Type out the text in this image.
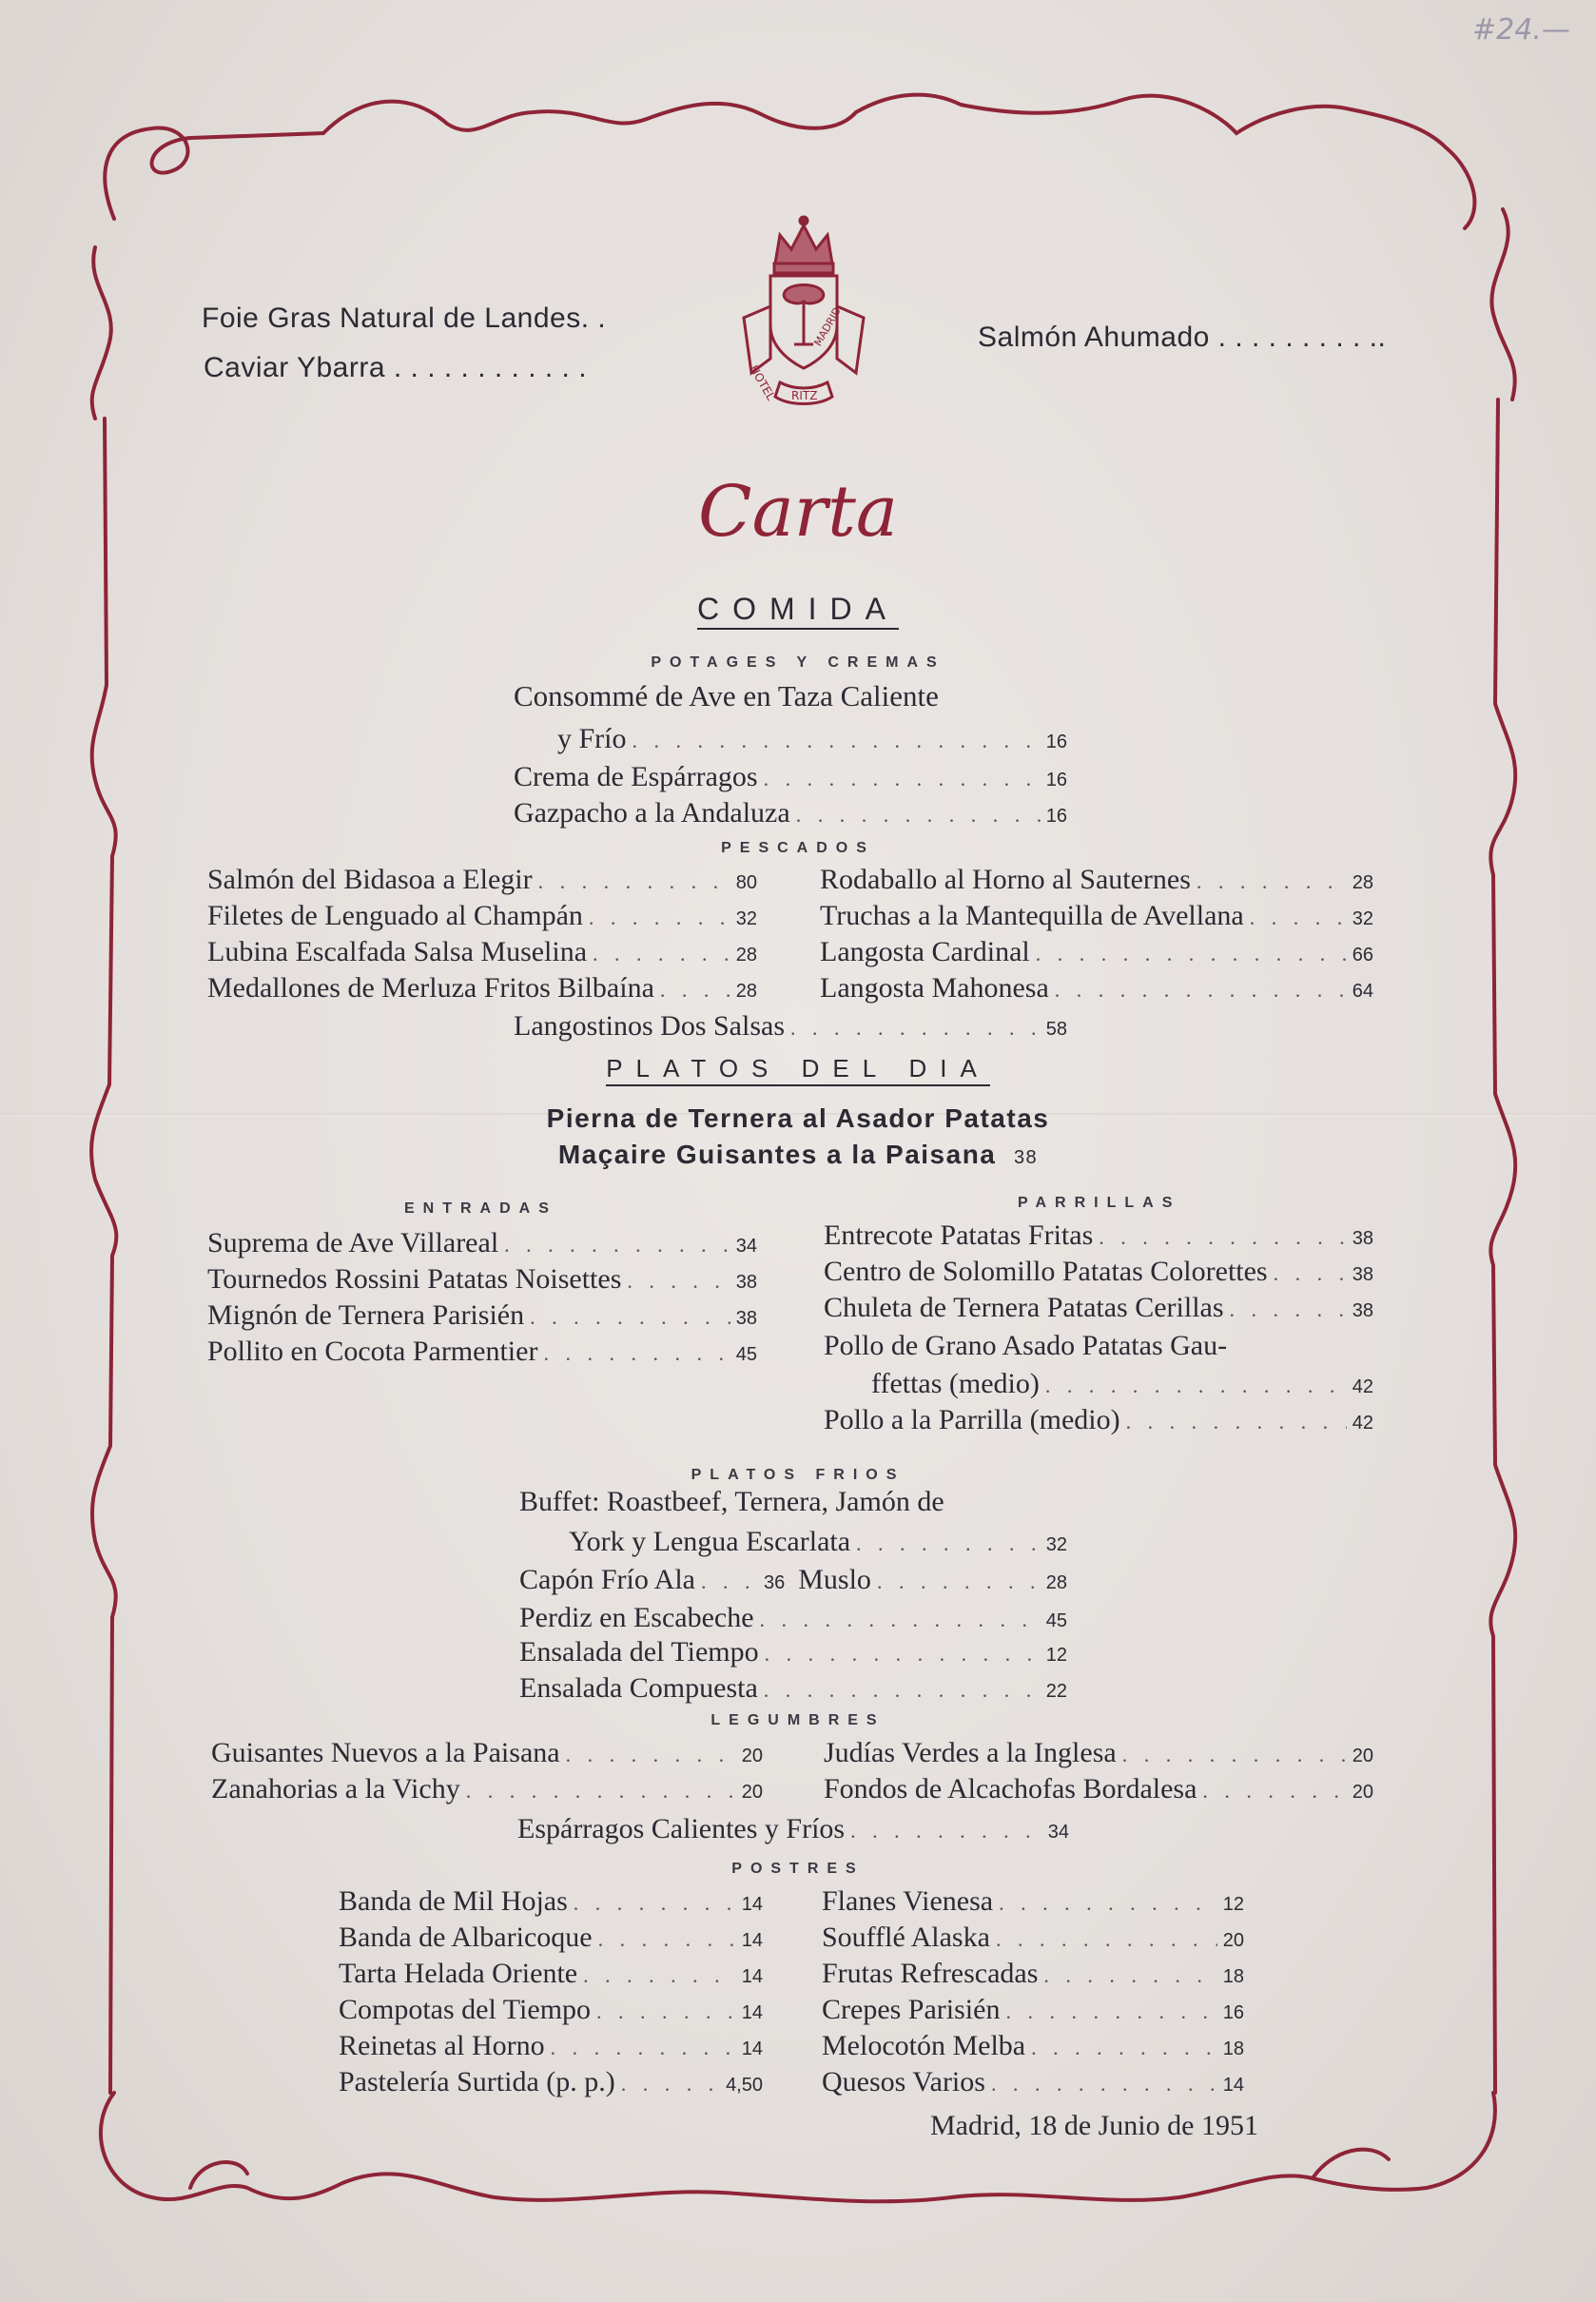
#24.—
Foie Gras Natural de Landes. .
Caviar Ybarra . . . . . . . . . . . .
Salmón Ahumado . . . . . . . . . ..
HOTEL RITZ
MADRID
Carta
COMIDA
POTAGES Y CREMAS
Consommé de Ave en Taza Caliente
y Frío . . .	16
Crema de Espárragos . . .	16
Gazpacho a la Andaluza . . .	16
PESCADOS
Salmón del Bidasoa a Elegir . . .	80
Filetes de Lenguado al Champán . . .	32
Lubina Escalfada Salsa Muselina . . .	28
Medallones de Merluza Fritos Bilbaína . . .	28
Rodaballo al Horno al Sauternes . . .	28
Truchas a la Mantequilla de Avellana . . .	32
Langosta Cardinal . . .	66
Langosta Mahonesa . . .	64
Langostinos Dos Salsas . . .	58
PLATOS DEL DIA
Pierna de Ternera al Asador Patatas
Maçaire Guisantes a la Paisana 38
ENTRADAS
Suprema de Ave Villareal . . .	34
Tournedos Rossini Patatas Noisettes . . .	38
Mignón de Ternera Parisién . . .	38
Pollito en Cocota Parmentier . . .	45
PARRILLAS
Entrecote Patatas Fritas . . .	38
Centro de Solomillo Patatas Colorettes . . .	38
Chuleta de Ternera Patatas Cerillas . . .	38
Pollo de Grano Asado Patatas Gau-
ffettas (medio) . . .	42
Pollo a la Parrilla (medio) . . .	42
PLATOS FRIOS
Buffet: Roastbeef, Ternera, Jamón de
York y Lengua Escarlata . . .	32
Capón Frío Ala . . .	36 Muslo . . .	28
Perdiz en Escabeche . . .	45
Ensalada del Tiempo . . .	12
Ensalada Compuesta . . .	22
LEGUMBRES
Guisantes Nuevos a la Paisana . . .	20
Zanahorias a la Vichy . . .	20
Judías Verdes a la Inglesa . . .	20
Fondos de Alcachofas Bordalesa . . .	20
Espárragos Calientes y Fríos . . .	34
POSTRES
Banda de Mil Hojas . . .	14
Banda de Albaricoque . . .	14
Tarta Helada Oriente . . .	14
Compotas del Tiempo . . .	14
Reinetas al Horno . . .	14
Pastelería Surtida (p. p.) . . .	4,50
Flanes Vienesa . . .	12
Soufflé Alaska . . .	20
Frutas Refrescadas . . .	18
Crepes Parisién . . .	16
Melocotón Melba . . .	18
Quesos Varios . . .	14
Madrid, 18 de Junio de 1951
